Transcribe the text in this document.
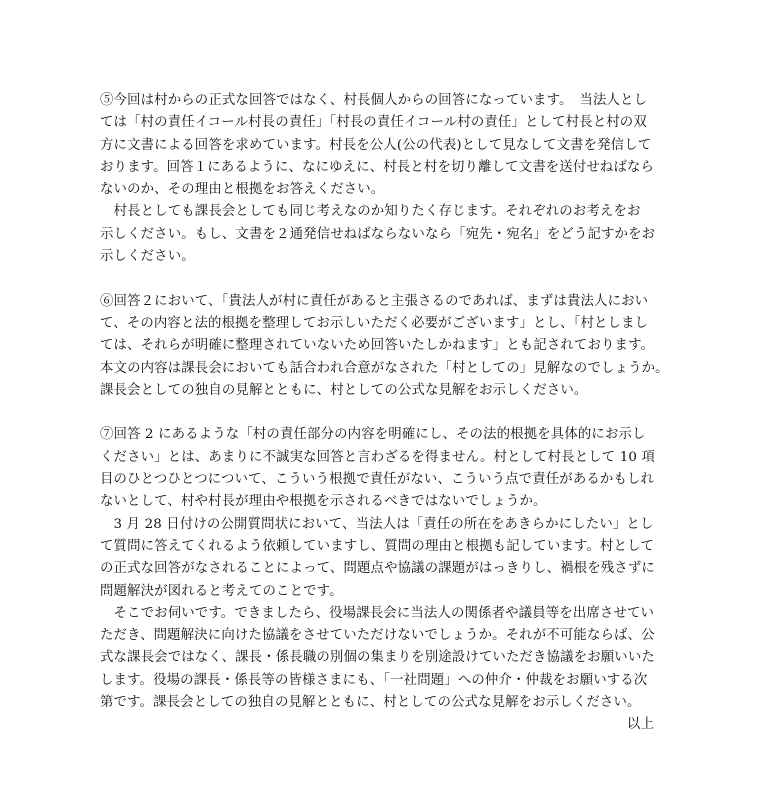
⑤今回は村からの正式な回答ではなく、村長個人からの回答になっています。　当法人とし
ては「村の責任イコール村長の責任」「村長の責任イコール村の責任」として村長と村の双
方に文書による回答を求めています。村長を公人(公の代表)として見なして文書を発信して
おります。回答１にあるように、なにゆえに、村長と村を切り離して文書を送付せねばなら
ないのか、その理由と根拠をお答えください。
　村長としても課長会としても同じ考えなのか知りたく存じます。それぞれのお考えをお
示しください。もし、文書を２通発信せねばならないなら「宛先・宛名」をどう記すかをお
示しください。
⑥回答２において、「貴法人が村に責任があると主張さるのであれば、まずは貴法人におい
て、その内容と法的根拠を整理してお示しいただく必要がございます」とし、「村としまし
ては、それらが明確に整理されていないため回答いたしかねます」とも記されております。
本文の内容は課長会においても話合われ合意がなされた「村としての」見解なのでしょうか。
課長会としての独自の見解とともに、村としての公式な見解をお示しください。
⑦回答 2 にあるような「村の責任部分の内容を明確にし、その法的根拠を具体的にお示し
ください」とは、あまりに不誠実な回答と言わざるを得ません。村として村長として 10 項
目のひとつひとつについて、こういう根拠で責任がない、こういう点で責任があるかもしれ
ないとして、村や村長が理由や根拠を示されるべきではないでしょうか。
　3 月 28 日付けの公開質問状において、当法人は「責任の所在をあきらかにしたい」とし
て質問に答えてくれるよう依頼していますし、質問の理由と根拠も記しています。村として
の正式な回答がなされることによって、問題点や協議の課題がはっきりし、禍根を残さずに
問題解決が図れると考えてのことです。
　そこでお伺いです。できましたら、役場課長会に当法人の関係者や議員等を出席させてい
ただき、問題解決に向けた協議をさせていただけないでしょうか。それが不可能ならば、公
式な課長会ではなく、課長・係長職の別個の集まりを別途設けていただき協議をお願いいた
します。役場の課長・係長等の皆様さまにも、「一社問題」への仲介・仲裁をお願いする次
第です。課長会としての独自の見解とともに、村としての公式な見解をお示しください。
以上
